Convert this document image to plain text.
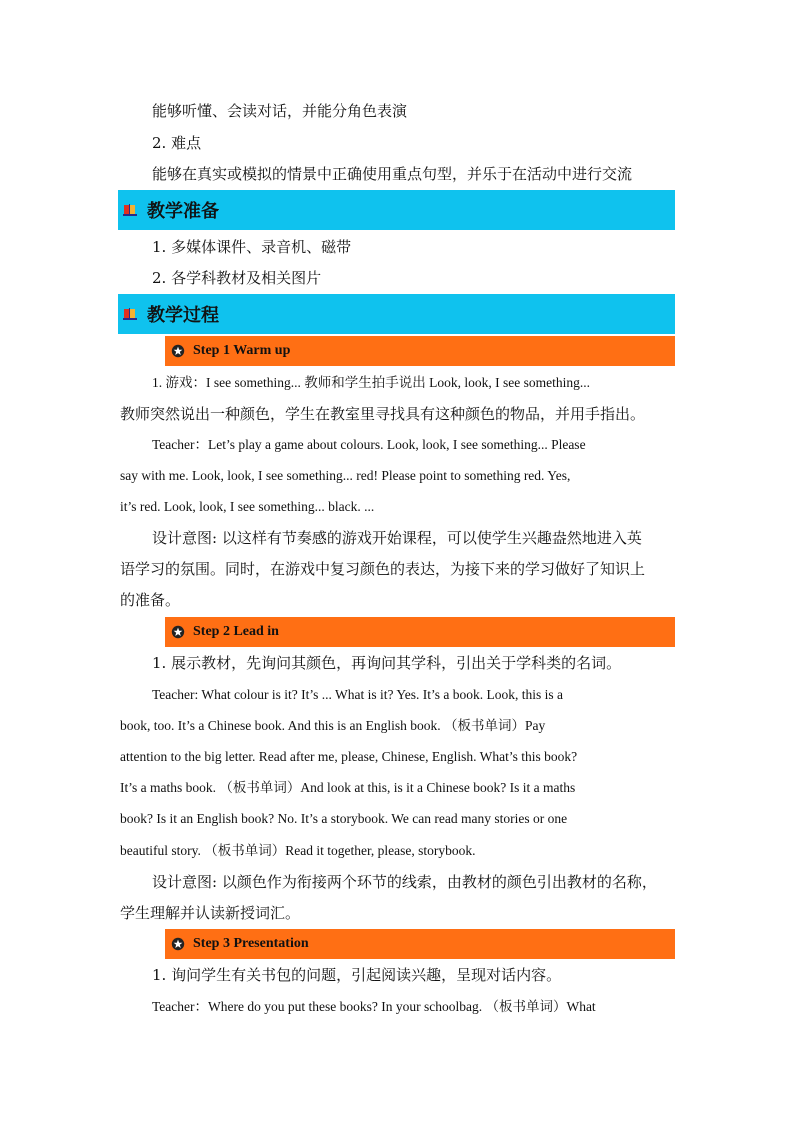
能够听懂、会读对话，并能分角色表演
2. 难点
能够在真实或模拟的情景中正确使用重点句型，并乐于在活动中进行交流
教学准备
1. 多媒体课件、录音机、磁带
2. 各学科教材及相关图片
教学过程
Step 1 Warm up
1. 游戏：I see something... 教师和学生拍手说出 Look, look, I see something...
教师突然说出一种颜色，学生在教室里寻找具有这种颜色的物品，并用手指出。
Teacher：Let’s play a game about colours. Look, look, I see something... Please
say with me. Look, look, I see something... red! Please point to something red. Yes,
it’s red. Look, look, I see something... black. ...
设计意图: 以这样有节奏感的游戏开始课程，可以使学生兴趣盎然地进入英
语学习的氛围。同时，在游戏中复习颜色的表达，为接下来的学习做好了知识上
的准备。
Step 2 Lead in
1. 展示教材，先询问其颜色，再询问其学科，引出关于学科类的名词。
Teacher: What colour is it? It’s ... What is it? Yes. It’s a book. Look, this is a
book, too. It’s a Chinese book. And this is an English book. （板书单词）Pay
attention to the big letter. Read after me, please, Chinese, English. What’s this book?
It’s a maths book. （板书单词）And look at this, is it a Chinese book? Is it a maths
book? Is it an English book? No. It’s a storybook. We can read many stories or one
beautiful story. （板书单词）Read it together, please, storybook.
设计意图: 以颜色作为衔接两个环节的线索，由教材的颜色引出教材的名称，
学生理解并认读新授词汇。
Step 3 Presentation
1. 询问学生有关书包的问题，引起阅读兴趣，呈现对话内容。
Teacher：Where do you put these books? In your schoolbag. （板书单词）What
